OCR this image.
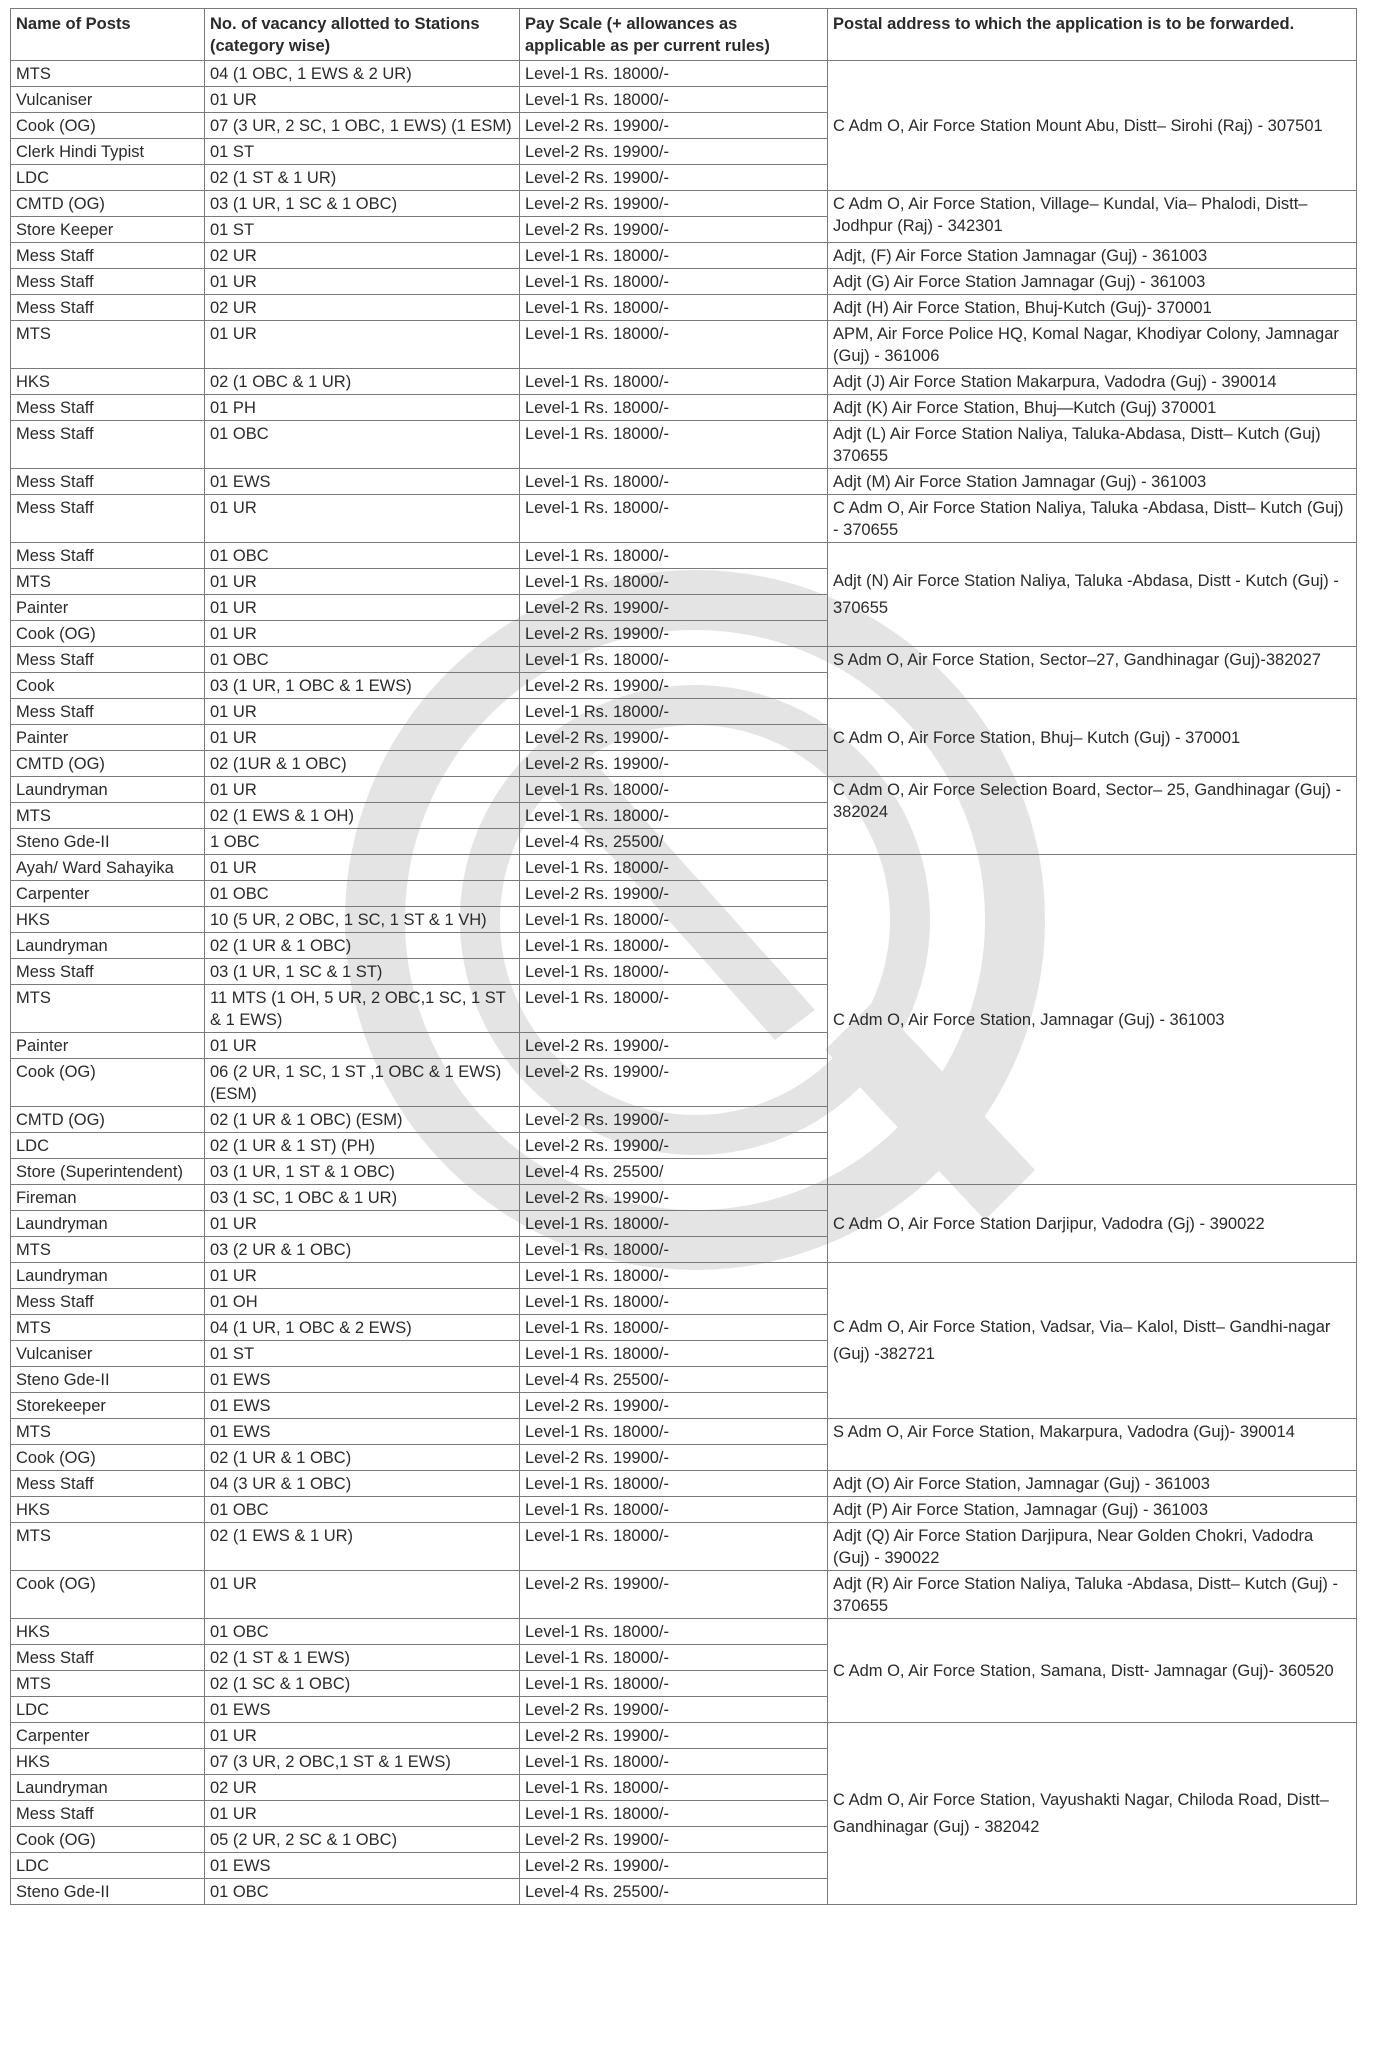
Name of Posts	No. of vacancy allotted to Stations (category wise)	Pay Scale (+ allowances as applicable as per current rules)	Postal address to which the application is to be forwarded.
MTS	04 (1 OBC, 1 EWS & 2 UR)	Level-1 Rs. 18000/-	C Adm O, Air Force Station Mount Abu, Distt– Sirohi (Raj) - 307501
Vulcaniser	01 UR	Level-1 Rs. 18000/-	
Cook (OG)	07 (3 UR, 2 SC, 1 OBC, 1 EWS) (1 ESM)	Level-2 Rs. 19900/-	
Clerk Hindi Typist	01 ST	Level-2 Rs. 19900/-	
LDC	02 (1 ST & 1 UR)	Level-2 Rs. 19900/-	
CMTD (OG)	03 (1 UR, 1 SC & 1 OBC)	Level-2 Rs. 19900/-	C Adm O, Air Force Station, Village– Kundal, Via– Phalodi, Distt– Jodhpur (Raj) - 342301
Store Keeper	01 ST	Level-2 Rs. 19900/-	
Mess Staff	02 UR	Level-1 Rs. 18000/-	Adjt, (F) Air Force Station Jamnagar (Guj) - 361003
Mess Staff	01 UR	Level-1 Rs. 18000/-	Adjt (G) Air Force Station Jamnagar (Guj) - 361003
Mess Staff	02 UR	Level-1 Rs. 18000/-	Adjt (H) Air Force Station, Bhuj-Kutch (Guj)- 370001
MTS	01 UR	Level-1 Rs. 18000/-	APM, Air Force Police HQ, Komal Nagar, Khodiyar Colony, Jamnagar (Guj) - 361006
HKS	02 (1 OBC & 1 UR)	Level-1 Rs. 18000/-	Adjt (J) Air Force Station Makarpura, Vadodra (Guj) - 390014
Mess Staff	01 PH	Level-1 Rs. 18000/-	Adjt (K) Air Force Station, Bhuj—Kutch (Guj) 370001
Mess Staff	01 OBC	Level-1 Rs. 18000/-	Adjt (L) Air Force Station Naliya, Taluka-Abdasa, Distt– Kutch (Guj) 370655
Mess Staff	01 EWS	Level-1 Rs. 18000/-	Adjt (M) Air Force Station Jamnagar (Guj) - 361003
Mess Staff	01 UR	Level-1 Rs. 18000/-	C Adm O, Air Force Station Naliya, Taluka -Abdasa, Distt– Kutch (Guj) - 370655
Mess Staff	01 OBC	Level-1 Rs. 18000/-	Adjt (N) Air Force Station Naliya, Taluka -Abdasa, Distt - Kutch (Guj) - 370655
MTS	01 UR	Level-1 Rs. 18000/-	
Painter	01 UR	Level-2 Rs. 19900/-	
Cook (OG)	01 UR	Level-2 Rs. 19900/-	
Mess Staff	01 OBC	Level-1 Rs. 18000/-	S Adm O, Air Force Station, Sector–27, Gandhinagar (Guj)-382027
Cook	03 (1 UR, 1 OBC & 1 EWS)	Level-2 Rs. 19900/-	
Mess Staff	01 UR	Level-1 Rs. 18000/-	C Adm O, Air Force Station, Bhuj– Kutch (Guj) - 370001
Painter	01 UR	Level-2 Rs. 19900/-	
CMTD (OG)	02 (1UR & 1 OBC)	Level-2 Rs. 19900/-	
Laundryman	01 UR	Level-1 Rs. 18000/-	C Adm O, Air Force Selection Board, Sector– 25, Gandhinagar (Guj) - 382024
MTS	02 (1 EWS & 1 OH)	Level-1 Rs. 18000/-	
Steno Gde-II	1 OBC	Level-4 Rs. 25500/	
Ayah/ Ward Sahayika	01 UR	Level-1 Rs. 18000/-	C Adm O, Air Force Station, Jamnagar (Guj) - 361003
Carpenter	01 OBC	Level-2 Rs. 19900/-	
HKS	10 (5 UR, 2 OBC, 1 SC, 1 ST & 1 VH)	Level-1 Rs. 18000/-	
Laundryman	02 (1 UR & 1 OBC)	Level-1 Rs. 18000/-	
Mess Staff	03 (1 UR, 1 SC & 1 ST)	Level-1 Rs. 18000/-	
MTS	11 MTS (1 OH, 5 UR, 2 OBC,1 SC, 1 ST & 1 EWS)	Level-1 Rs. 18000/-	
Painter	01 UR	Level-2 Rs. 19900/-	
Cook (OG)	06 (2 UR, 1 SC, 1 ST ,1 OBC & 1 EWS) (ESM)	Level-2 Rs. 19900/-	
CMTD (OG)	02 (1 UR & 1 OBC) (ESM)	Level-2 Rs. 19900/-	
LDC	02 (1 UR & 1 ST) (PH)	Level-2 Rs. 19900/-	
Store (Superintendent)	03 (1 UR, 1 ST & 1 OBC)	Level-4 Rs. 25500/	
Fireman	03 (1 SC, 1 OBC & 1 UR)	Level-2 Rs. 19900/-	C Adm O, Air Force Station Darjipur, Vadodra (Gj) - 390022
Laundryman	01 UR	Level-1 Rs. 18000/-	
MTS	03 (2 UR & 1 OBC)	Level-1 Rs. 18000/-	
Laundryman	01 UR	Level-1 Rs. 18000/-	C Adm O, Air Force Station, Vadsar, Via– Kalol, Distt– Gandhi-nagar (Guj) -382721
Mess Staff	01 OH	Level-1 Rs. 18000/-	
MTS	04 (1 UR, 1 OBC & 2 EWS)	Level-1 Rs. 18000/-	
Vulcaniser	01 ST	Level-1 Rs. 18000/-	
Steno Gde-II	01 EWS	Level-4 Rs. 25500/-	
Storekeeper	01 EWS	Level-2 Rs. 19900/-	
MTS	01 EWS	Level-1 Rs. 18000/-	S Adm O, Air Force Station, Makarpura, Vadodra (Guj)- 390014
Cook (OG)	02 (1 UR & 1 OBC)	Level-2 Rs. 19900/-	
Mess Staff	04 (3 UR & 1 OBC)	Level-1 Rs. 18000/-	Adjt (O) Air Force Station, Jamnagar (Guj) - 361003
HKS	01 OBC	Level-1 Rs. 18000/-	Adjt (P) Air Force Station, Jamnagar (Guj) - 361003
MTS	02 (1 EWS & 1 UR)	Level-1 Rs. 18000/-	Adjt (Q) Air Force Station Darjipura, Near Golden Chokri, Vadodra (Guj) - 390022
Cook (OG)	01 UR	Level-2 Rs. 19900/-	Adjt (R) Air Force Station Naliya, Taluka -Abdasa, Distt– Kutch (Guj) - 370655
HKS	01 OBC	Level-1 Rs. 18000/-	C Adm O, Air Force Station, Samana, Distt- Jamnagar (Guj)- 360520
Mess Staff	02 (1 ST & 1 EWS)	Level-1 Rs. 18000/-	
MTS	02 (1 SC & 1 OBC)	Level-1 Rs. 18000/-	
LDC	01 EWS	Level-2 Rs. 19900/-	
Carpenter	01 UR	Level-2 Rs. 19900/-	C Adm O, Air Force Station, Vayushakti Nagar, Chiloda Road, Distt– Gandhinagar (Guj) - 382042
HKS	07 (3 UR, 2 OBC,1 ST & 1 EWS)	Level-1 Rs. 18000/-	
Laundryman	02 UR	Level-1 Rs. 18000/-	
Mess Staff	01 UR	Level-1 Rs. 18000/-	
Cook (OG)	05 (2 UR, 2 SC & 1 OBC)	Level-2 Rs. 19900/-	
LDC	01 EWS	Level-2 Rs. 19900/-	
Steno Gde-II	01 OBC	Level-4 Rs. 25500/-	
